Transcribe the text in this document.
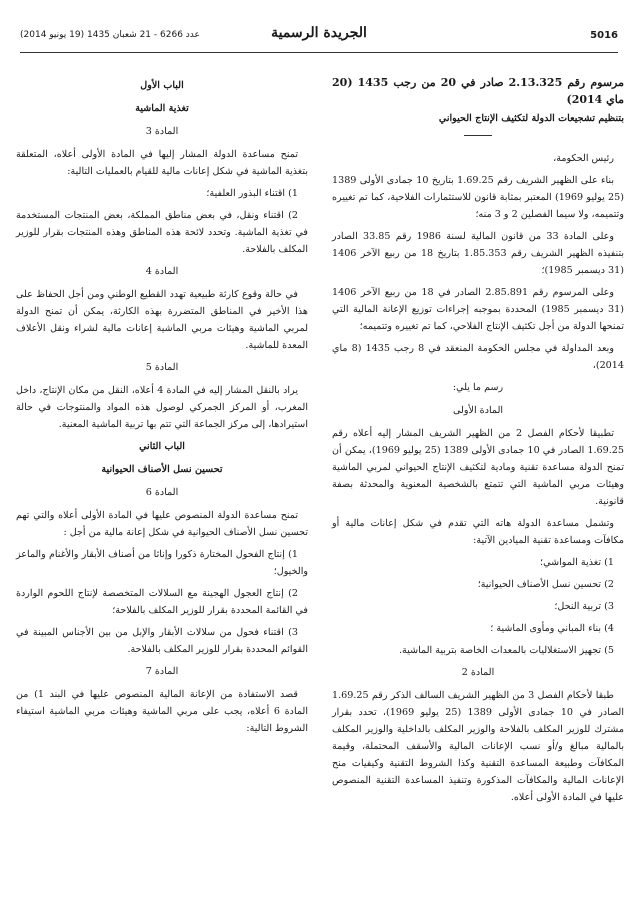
5016
الجريدة الرسمية
عدد 6266 - 21 شعبان 1435 (19 يونيو 2014)

مرسوم رقم 2.13.325 صادر في 20 من رجب 1435 (20 ماي 2014)

بتنظيم تشجيعات الدولة لتكثيف الإنتاج الحيواني

رئيس الحكومة،

بناء على الظهير الشريف رقم 1.69.25 بتاريخ 10 جمادى الأولى 1389 (25 يوليو 1969) المعتبر بمثابة قانون للاستثمارات الفلاحية، كما تم تغييره وتتميمه، ولا سيما الفصلين 2 و 3 منه؛

وعلى المادة 33 من قانون المالية لسنة 1986 رقم 33.85 الصادر بتنفيذه الظهير الشريف رقم 1.85.353 بتاريخ 18 من ربيع الآخر 1406 (31 ديسمبر 1985)؛

وعلى المرسوم رقم 2.85.891 الصادر في 18 من ربيع الآخر 1406 (31 ديسمبر 1985) المحددة بموجبه إجراءات توزيع الإعانة المالية التي تمنحها الدولة من أجل تكثيف الإنتاج الفلاحي، كما تم تغييره وتتميمه؛

وبعد المداولة في مجلس الحكومة المنعقد في 8 رجب 1435 (8 ماي 2014)،

رسم ما يلي:

المادة الأولى

تطبيقا لأحكام الفصل 2 من الظهير الشريف المشار إليه أعلاه رقم 1.69.25 الصادر في 10 جمادى الأولى 1389 (25 يوليو 1969)، يمكن أن تمنح الدولة مساعدة تقنية ومادية لتكثيف الإنتاج الحيواني لمربي الماشية وهيئات مربي الماشية التي تتمتع بالشخصية المعنوية والمحدثة بصفة قانونية.

وتشمل مساعدة الدولة هاته التي تقدم في شكل إعانات مالية أو مكافآت ومساعدة تقنية الميادين الآتية:

1) تغذية المواشي؛

2) تحسين نسل الأصناف الحيوانية؛

3) تربية النحل؛

4) بناء المباني ومأوى الماشية ؛

5) تجهيز الاستغلاليات بالمعدات الخاصة بتربية الماشية.

المادة 2

طبقا لأحكام الفصل 3 من الظهير الشريف السالف الذكر رقم 1.69.25 الصادر في 10 جمادى الأولى 1389 (25 يوليو 1969)، تحدد بقرار مشترك للوزير المكلف بالفلاحة والوزير المكلف بالداخلية والوزير المكلف بالمالية مبالغ و/أو نسب الإعانات المالية والأسقف المحتملة، وقيمة المكافآت وطبيعة المساعدة التقنية وكذا الشروط التقنية وكيفيات منح الإعانات المالية والمكافآت المذكورة وتنفيذ المساعدة التقنية المنصوص عليها في المادة الأولى أعلاه.

الباب الأول

تغذية الماشية

المادة 3

تمنح مساعدة الدولة المشار إليها في المادة الأولى أعلاه، المتعلقة بتغذية الماشية في شكل إعانات مالية للقيام بالعمليات التالية:

1) اقتناء البذور العلفية؛

2) اقتناء ونقل، في بعض مناطق المملكة، بعض المنتجات المستخدمة في تغذية الماشية. وتحدد لائحة هذه المناطق وهذه المنتجات بقرار للوزير المكلف بالفلاحة.

المادة 4

في حالة وقوع كارثة طبيعية تهدد القطيع الوطني ومن أجل الحفاظ على هذا الأخير في المناطق المتضررة بهذه الكارثة، يمكن أن تمنح الدولة لمربي الماشية وهيئات مربي الماشية إعانات مالية لشراء ونقل الأعلاف المعدة للماشية.

المادة 5

يراد بالنقل المشار إليه في المادة 4 أعلاه، النقل من مكان الإنتاج، داخل المغرب، أو المركز الجمركي لوصول هذه المواد والمنتوجات في حالة استيرادها، إلى مركز الجماعة التي تتم بها تربية الماشية المعنية.

الباب الثاني

تحسين نسل الأصناف الحيوانية

المادة 6

تمنح مساعدة الدولة المنصوص عليها في المادة الأولى أعلاه والتي تهم تحسين نسل الأصناف الحيوانية في شكل إعانة مالية من أجل :

1) إنتاج الفحول المختارة ذكورا وإناثا من أصناف الأبقار والأغنام والماعز والخيول؛

2) إنتاج العجول الهجينة مع السلالات المتخصصة لإنتاج اللحوم الواردة في القائمة المحددة بقرار للوزير المكلف بالفلاحة؛

3) اقتناء فحول من سلالات الأبقار والإبل من بين الأجناس المبينة في القوائم المحددة بقرار للوزير المكلف بالفلاحة.

المادة 7

قصد الاستفادة من الإعانة المالية المنصوص عليها في البند 1) من المادة 6 أعلاه، يجب على مربي الماشية وهيئات مربي الماشية استيفاء الشروط التالية:
